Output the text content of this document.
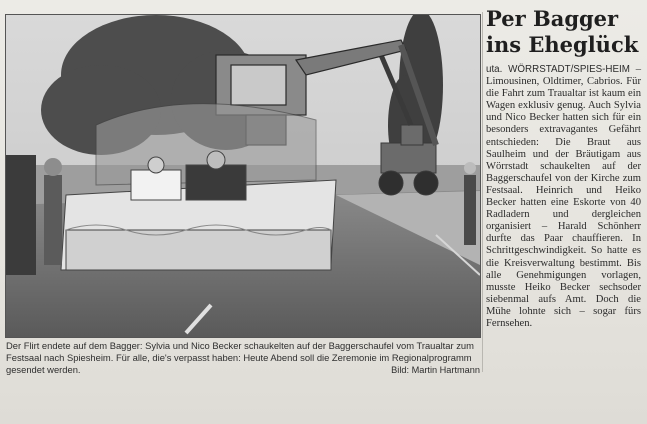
Der Flirt endete auf dem Bagger: Sylvia und Nico Becker schaukelten auf der Baggerschaufel vom Traualtar zum Festsaal nach Spiesheim. Für alle, die's verpasst haben: Heute Abend soll die Zeremonie im Regionalprogramm gesendet werden.	Bild: Martin Hartmann
Per Bagger
ins Eheglück

uta. WÖRRSTADT/SPIES-HEIM – Limousinen, Oldtimer, Cabrios. Für die Fahrt zum Traualtar ist kaum ein Wagen exklusiv genug. Auch Sylvia und Nico Becker hatten sich für ein besonders extravagantes Gefährt entschieden: Die Braut aus Saulheim und der Bräutigam aus Wörrstadt schaukelten auf der Baggerschaufel von der Kirche zum Festsaal. Heinrich und Heiko Becker hatten eine Eskorte von 40 Radladern und dergleichen organisiert – Harald Schönherr durfte das Paar chauffieren. In Schrittgeschwindigkeit. So hatte es die Kreisverwaltung bestimmt. Bis alle Genehmigungen vorlagen, musste Heiko Becker sechsoder siebenmal aufs Amt. Doch die Mühe lohnte sich – sogar fürs Fernsehen.
